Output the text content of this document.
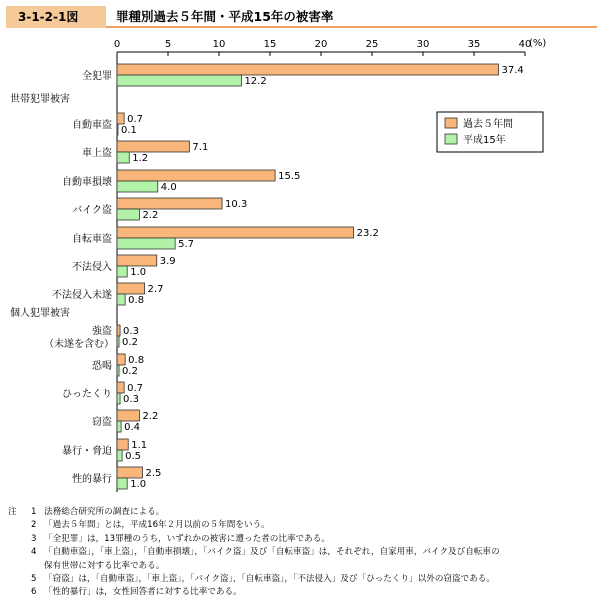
3-1-2-1図	罪種別過去５年間・平成15年の被害率
0	5	10	15	20	25	30	35	40
(%)
37.4
12.2
全犯罪
0.7
0.1
自動車盗
7.1
1.2
車上盗
15.5
4.0
自動車損壊
10.3
2.2
バイク盗
23.2
5.7
自転車盗
3.9
1.0
不法侵入
2.7
0.8
不法侵入未遂
0.3
0.2
強盗
（未遂を含む）
0.8
0.2
恐喝
0.7
0.3
ひったくり
2.2
0.4
窃盗
1.1
0.5
暴行・脅迫
2.5
1.0
性的暴行
世帯犯罪被害
個人犯罪被害
過去５年間
平成15年
注 1 法務総合研究所の調査による。
2 「過去５年間」とは，平成16年２月以前の５年間をいう。
3 「全犯罪」は，13罪種のうち，いずれかの被害に遭った者の比率である。
4 「自動車盗」，「車上盗」，「自動車損壊」，「バイク盗」及び「自転車盗」は，それぞれ，自家用車，バイク及び自転車の
保有世帯に対する比率である。
5 「窃盗」は，「自動車盗」，「車上盗」，「バイク盗」，「自転車盗」，「不法侵入」及び「ひったくり」以外の窃盗である。
6 「性的暴行」は，女性回答者に対する比率である。
